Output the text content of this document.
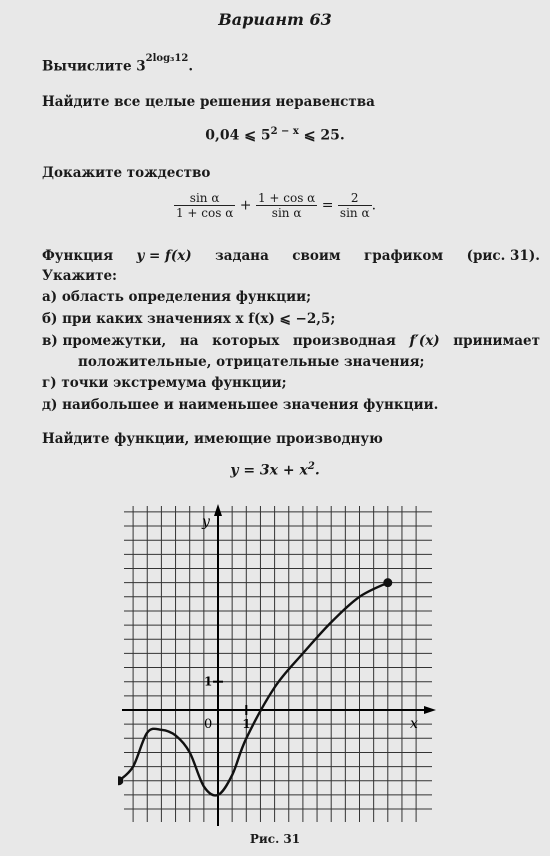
Вариант 63
Вычислите $3^{2log_312}$.
Найдите все целые решения неравенства
0,04 ⩽ $5^{2 - x}$ ⩽ 25.
Докажите тождество
$\frac{\text{sin α}}{\text{1 + cos α}} + \frac{\text{1 + cos α}}{\text{sin α}} = \frac{2}{\text{sin α}}$ .
Функция y = f(x) задана своим графиком (рис. 31).
Укажите:
а) область определения функции;
б) при каких значениях x f(x) ⩽ −2,5;
в) промежутки, на которых производная f′(x) принимает
положительные, отрицательные значения;
г) точки экстремума функции;
д) наибольшее и наименьшее значения функции.
Найдите функции, имеющие производную
$y = 3x + x^2$.
x
y
0	1
1
Рис. 31
